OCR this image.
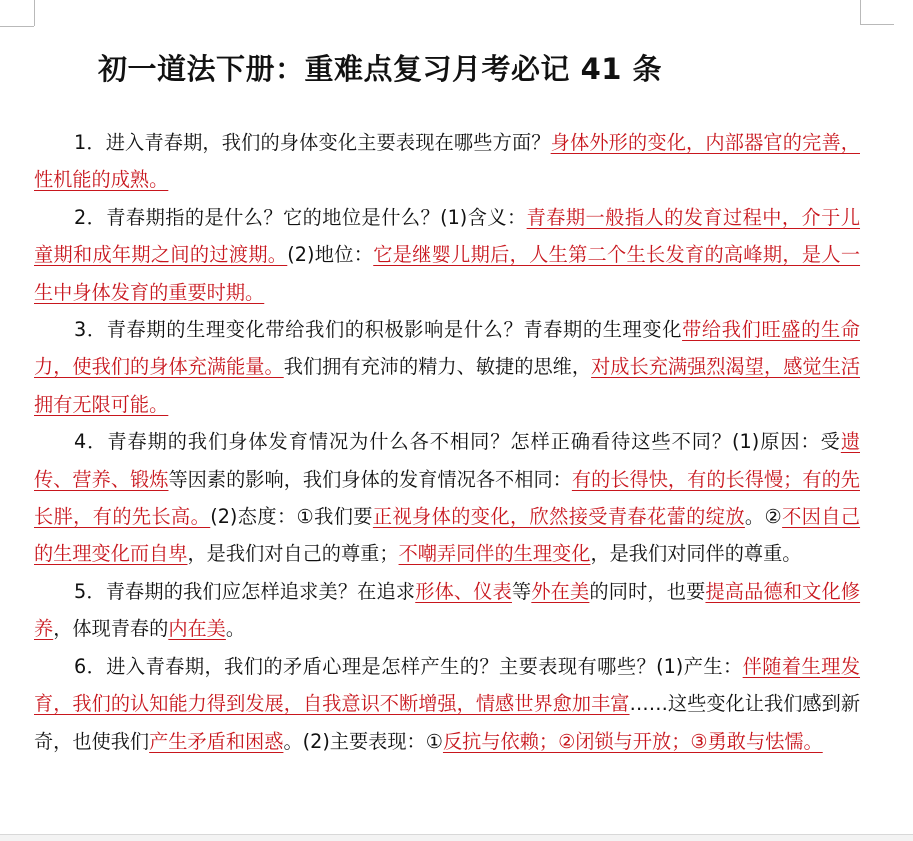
初一道法下册：重难点复习月考必记 41 条

1．进入青春期，我们的身体变化主要表现在哪些方面？身体外形的变化，内部器官的完善，性机能的成熟。

2．青春期指的是什么？它的地位是什么？(1)含义：青春期一般指人的发育过程中，介于儿童期和成年期之间的过渡期。(2)地位：它是继婴儿期后，人生第二个生长发育的高峰期，是人一生中身体发育的重要时期。

3．青春期的生理变化带给我们的积极影响是什么？青春期的生理变化带给我们旺盛的生命力，使我们的身体充满能量。我们拥有充沛的精力、敏捷的思维，对成长充满强烈渴望，感觉生活拥有无限可能。

4．青春期的我们身体发育情况为什么各不相同？怎样正确看待这些不同？(1)原因：受遗传、营养、锻炼等因素的影响，我们身体的发育情况各不相同：有的长得快，有的长得慢；有的先长胖，有的先长高。(2)态度：①我们要正视身体的变化，欣然接受青春花蕾的绽放。②不因自己的生理变化而自卑，是我们对自己的尊重；不嘲弄同伴的生理变化，是我们对同伴的尊重。

5．青春期的我们应怎样追求美？在追求形体、仪表等外在美的同时，也要提高品德和文化修养，体现青春的内在美。

6．进入青春期，我们的矛盾心理是怎样产生的？主要表现有哪些？(1)产生：伴随着生理发育，我们的认知能力得到发展，自我意识不断增强，情感世界愈加丰富……这些变化让我们感到新奇，也使我们产生矛盾和困惑。(2)主要表现：①反抗与依赖；②闭锁与开放；③勇敢与怯懦。
